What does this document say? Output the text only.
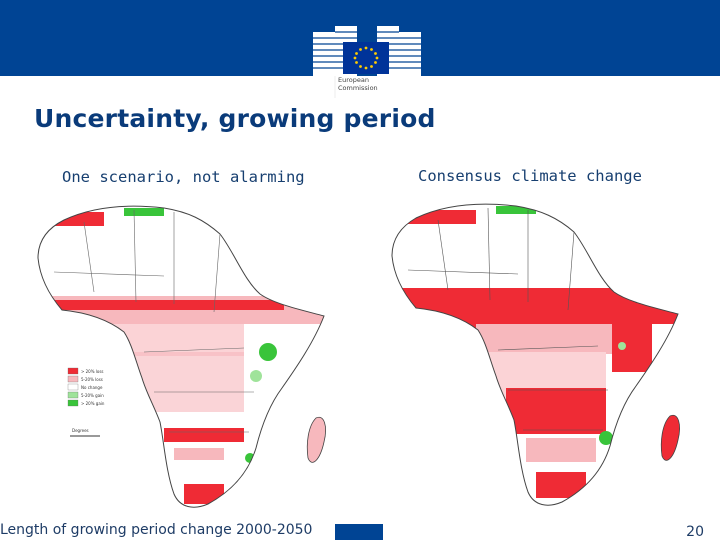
European
Commission
Uncertainty, growing period
One scenario, not alarming	Consensus climate change
> 20% loss
5-20% loss
No change
5-20% gain
> 20% gain
Degrees
Length of growing period change 2000-2050	20
